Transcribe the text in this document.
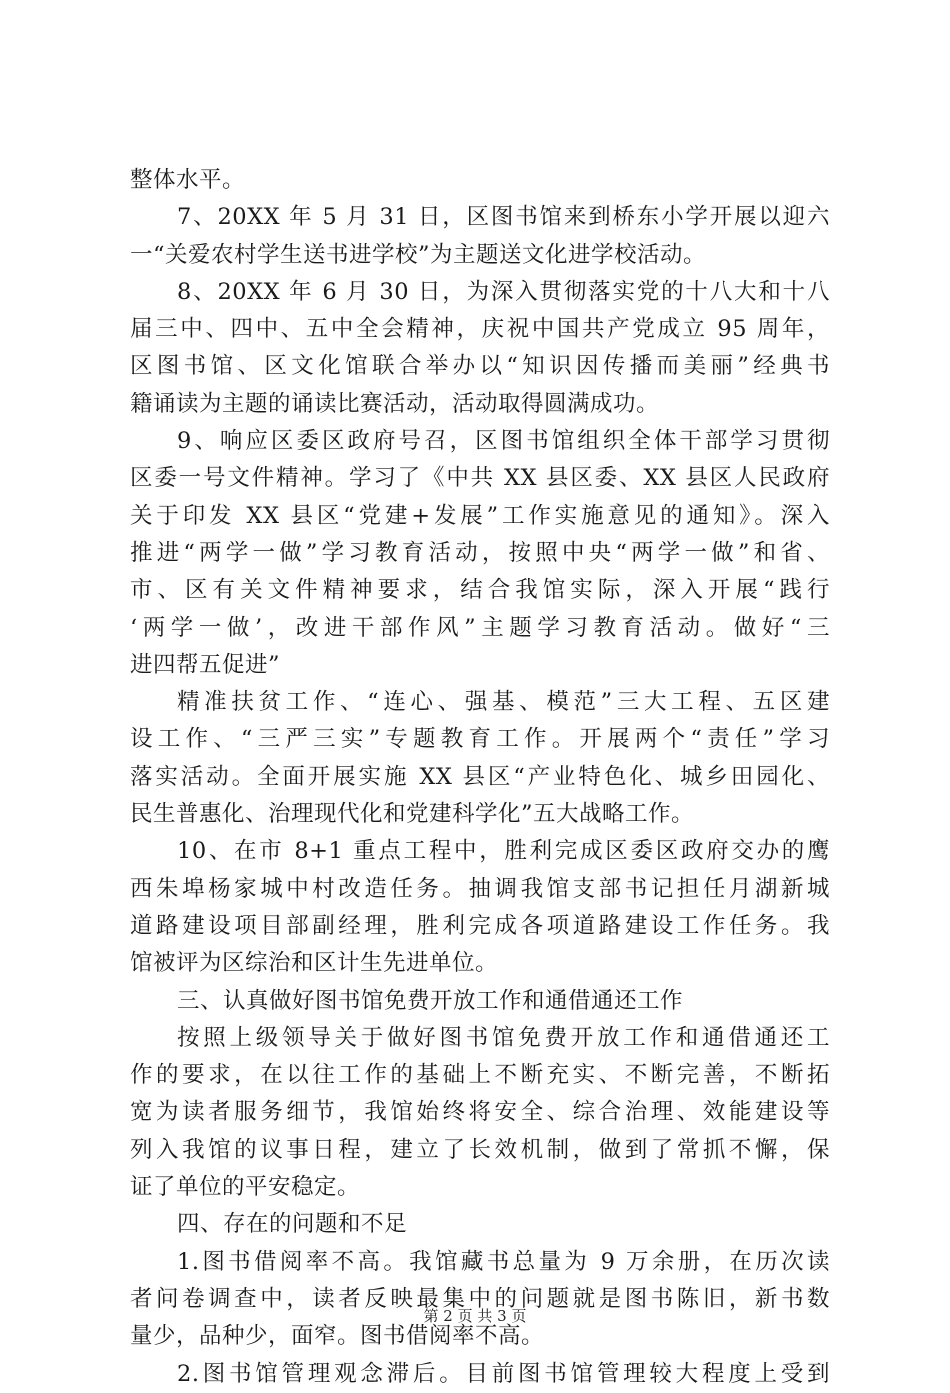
整体水平。
7、20XX 年 5 月 31 日，区图书馆来到桥东小学开展以迎六
一“关爱农村学生送书进学校”为主题送文化进学校活动。
8、20XX 年 6 月 30 日，为深入贯彻落实党的十八大和十八
届三中、四中、五中全会精神，庆祝中国共产党成立 95 周年，
区图书馆、区文化馆联合举办以“知识因传播而美丽”经典书
籍诵读为主题的诵读比赛活动，活动取得圆满成功。
9、响应区委区政府号召，区图书馆组织全体干部学习贯彻
区委一号文件精神。学习了《中共 XX 县区委、XX 县区人民政府
关于印发 XX 县区“党建+发展”工作实施意见的通知》。深入
推进“两学一做”学习教育活动，按照中央“两学一做”和省、
市、区有关文件精神要求，结合我馆实际，深入开展“践行
‘两学一做’，改进干部作风”主题学习教育活动。做好“三
进四帮五促进”
精准扶贫工作、“连心、强基、模范”三大工程、五区建
设工作、“三严三实”专题教育工作。开展两个“责任”学习
落实活动。全面开展实施 XX 县区“产业特色化、城乡田园化、
民生普惠化、治理现代化和党建科学化”五大战略工作。
10、在市 8+1 重点工程中，胜利完成区委区政府交办的鹰
西朱埠杨家城中村改造任务。抽调我馆支部书记担任月湖新城
道路建设项目部副经理，胜利完成各项道路建设工作任务。我
馆被评为区综治和区计生先进单位。
三、认真做好图书馆免费开放工作和通借通还工作
按照上级领导关于做好图书馆免费开放工作和通借通还工
作的要求，在以往工作的基础上不断充实、不断完善，不断拓
宽为读者服务细节，我馆始终将安全、综合治理、效能建设等
列入我馆的议事日程，建立了长效机制，做到了常抓不懈，保
证了单位的平安稳定。
四、存在的问题和不足
1.图书借阅率不高。我馆藏书总量为 9 万余册，在历次读
者问卷调查中，读者反映最集中的问题就是图书陈旧，新书数
量少，品种少，面窄。图书借阅率不高。
2.图书馆管理观念滞后。目前图书馆管理较大程度上受到
第 2 页 共 3 页
